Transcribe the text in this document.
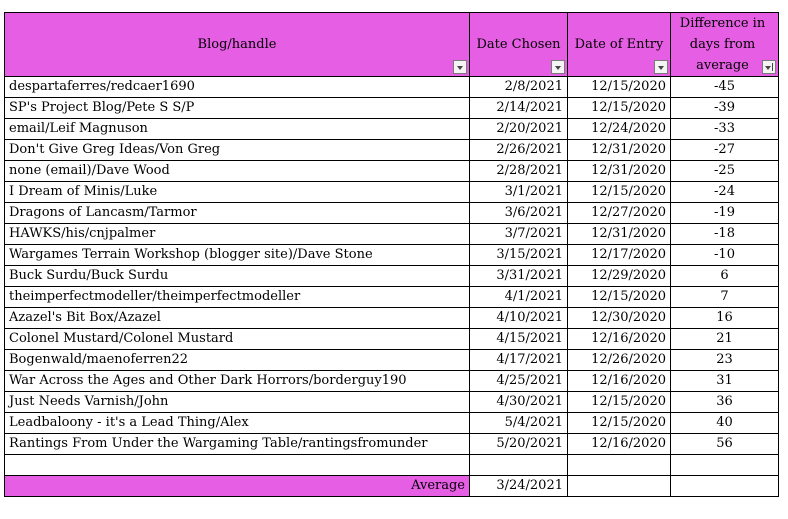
Blog/handle	Date Chosen	Date of Entry	Difference in days from average

despartaferres/redcaer1690	2/8/2021	12/15/2020	-45
SP's Project Blog/Pete S S/P	2/14/2021	12/15/2020	-39
email/Leif Magnuson	2/20/2021	12/24/2020	-33
Don't Give Greg Ideas/Von Greg	2/26/2021	12/31/2020	-27
none (email)/Dave Wood	2/28/2021	12/31/2020	-25
I Dream of Minis/Luke	3/1/2021	12/15/2020	-24
Dragons of Lancasm/Tarmor	3/6/2021	12/27/2020	-19
HAWKS/his/cnjpalmer	3/7/2021	12/31/2020	-18
Wargames Terrain Workshop (blogger site)/Dave Stone	3/15/2021	12/17/2020	-10
Buck Surdu/Buck Surdu	3/31/2021	12/29/2020	6
theimperfectmodeller/theimperfectmodeller	4/1/2021	12/15/2020	7
Azazel's Bit Box/Azazel	4/10/2021	12/30/2020	16
Colonel Mustard/Colonel Mustard	4/15/2021	12/16/2020	21
Bogenwald/maenoferren22	4/17/2021	12/26/2020	23
War Across the Ages and Other Dark Horrors/borderguy190	4/25/2021	12/16/2020	31
Just Needs Varnish/John	4/30/2021	12/15/2020	36
Leadbaloony - it's a Lead Thing/Alex	5/4/2021	12/15/2020	40
Rantings From Under the Wargaming Table/rantingsfromunder	5/20/2021	12/16/2020	56

Average	3/24/2021		
